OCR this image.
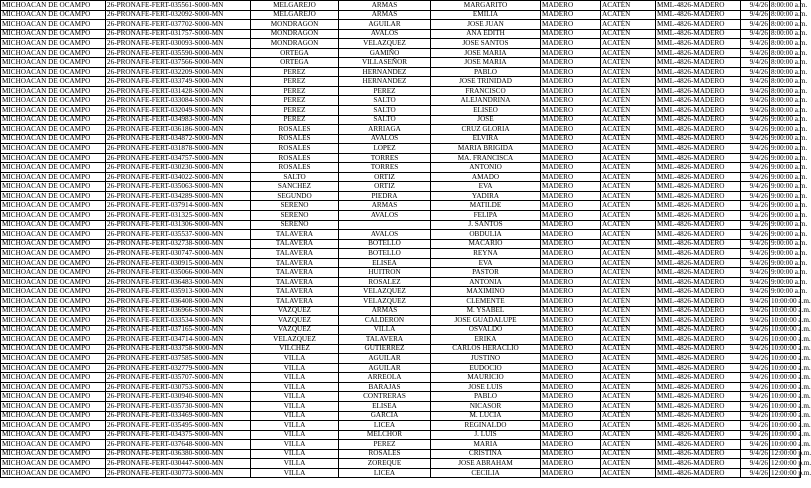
MICHOACAN DE OCAMPO	26-PRONAFE-FERT-035561-S000-MN	MELGAREJO	ARMAS	MARGARITO	MADERO	ACATÉN	MML-4826-MADERO	9/4/26	8:00:00 a.m.
MICHOACAN DE OCAMPO	26-PRONAFE-FERT-032092-S000-MN	MELGAREJO	ARMAS	EMILIA	MADERO	ACATÉN	MML-4826-MADERO	9/4/26	8:00:00 a.m.
MICHOACAN DE OCAMPO	26-PRONAFE-FERT-037702-S000-MN	MONDRAGON	AGUILAR	JOSE JUAN	MADERO	ACATÉN	MML-4826-MADERO	9/4/26	8:00:00 a.m.
MICHOACAN DE OCAMPO	26-PRONAFE-FERT-031757-S000-MN	MONDRAGON	AVALOS	ANA EDITH	MADERO	ACATÉN	MML-4826-MADERO	9/4/26	8:00:00 a.m.
MICHOACAN DE OCAMPO	26-PRONAFE-FERT-030093-S000-MN	MONDRAGON	VELAZQUEZ	JOSE SANTOS	MADERO	ACATÉN	MML-4826-MADERO	9/4/26	8:00:00 a.m.
MICHOACAN DE OCAMPO	26-PRONAFE-FERT-035590-S000-MN	ORTEGA	GAMIÑO	JOSE MARIA	MADERO	ACATÉN	MML-4826-MADERO	9/4/26	8:00:00 a.m.
MICHOACAN DE OCAMPO	26-PRONAFE-FERT-037566-S000-MN	ORTEGA	VILLASEÑOR	JOSE MARIA	MADERO	ACATÉN	MML-4826-MADERO	9/4/26	8:00:00 a.m.
MICHOACAN DE OCAMPO	26-PRONAFE-FERT-032209-S000-MN	PEREZ	HERNANDEZ	PABLO	MADERO	ACATÉN	MML-4826-MADERO	9/4/26	8:00:00 a.m.
MICHOACAN DE OCAMPO	26-PRONAFE-FERT-033749-S000-MN	PEREZ	HERNANDEZ	JOSE TRINIDAD	MADERO	ACATÉN	MML-4826-MADERO	9/4/26	8:00:00 a.m.
MICHOACAN DE OCAMPO	26-PRONAFE-FERT-031428-S000-MN	PEREZ	PEREZ	FRANCISCO	MADERO	ACATÉN	MML-4826-MADERO	9/4/26	8:00:00 a.m.
MICHOACAN DE OCAMPO	26-PRONAFE-FERT-033084-S000-MN	PEREZ	SALTO	ALEJANDRINA	MADERO	ACATÉN	MML-4826-MADERO	9/4/26	8:00:00 a.m.
MICHOACAN DE OCAMPO	26-PRONAFE-FERT-032049-S000-MN	PEREZ	SALTO	ELISEO	MADERO	ACATÉN	MML-4826-MADERO	9/4/26	8:00:00 a.m.
MICHOACAN DE OCAMPO	26-PRONAFE-FERT-034983-S000-MN	PEREZ	SALTO	JOSE	MADERO	ACATÉN	MML-4826-MADERO	9/4/26	9:00:00 a.m.
MICHOACAN DE OCAMPO	26-PRONAFE-FERT-036186-S000-MN	ROSALES	ARRIAGA	CRUZ GLORIA	MADERO	ACATÉN	MML-4826-MADERO	9/4/26	9:00:00 a.m.
MICHOACAN DE OCAMPO	26-PRONAFE-FERT-034872-S000-MN	ROSALES	AVALOS	ELVIRA	MADERO	ACATÉN	MML-4826-MADERO	9/4/26	9:00:00 a.m.
MICHOACAN DE OCAMPO	26-PRONAFE-FERT-031878-S000-MN	ROSALES	LOPEZ	MARIA BRIGIDA	MADERO	ACATÉN	MML-4826-MADERO	9/4/26	9:00:00 a.m.
MICHOACAN DE OCAMPO	26-PRONAFE-FERT-034757-S000-MN	ROSALES	TORRES	MA. FRANCISCA	MADERO	ACATÉN	MML-4826-MADERO	9/4/26	9:00:00 a.m.
MICHOACAN DE OCAMPO	26-PRONAFE-FERT-030230-S000-MN	ROSALES	TORRES	ANTONIO	MADERO	ACATÉN	MML-4826-MADERO	9/4/26	9:00:00 a.m.
MICHOACAN DE OCAMPO	26-PRONAFE-FERT-034022-S000-MN	SALTO	ORTIZ	AMADO	MADERO	ACATÉN	MML-4826-MADERO	9/4/26	9:00:00 a.m.
MICHOACAN DE OCAMPO	26-PRONAFE-FERT-035063-S000-MN	SANCHEZ	ORTIZ	EVA	MADERO	ACATÉN	MML-4826-MADERO	9/4/26	9:00:00 a.m.
MICHOACAN DE OCAMPO	26-PRONAFE-FERT-034289-S000-MN	SEGUNDO	PIEDRA	YADIRA	MADERO	ACATÉN	MML-4826-MADERO	9/4/26	9:00:00 a.m.
MICHOACAN DE OCAMPO	26-PRONAFE-FERT-037914-S000-MN	SERENO	ARMAS	MATILDE	MADERO	ACATÉN	MML-4826-MADERO	9/4/26	9:00:00 a.m.
MICHOACAN DE OCAMPO	26-PRONAFE-FERT-031325-S000-MN	SERENO	AVALOS	FELIPA	MADERO	ACATÉN	MML-4826-MADERO	9/4/26	9:00:00 a.m.
MICHOACAN DE OCAMPO	26-PRONAFE-FERT-031306-S000-MN	SERENO		J. SANTOS	MADERO	ACATÉN	MML-4826-MADERO	9/4/26	9:00:00 a.m.
MICHOACAN DE OCAMPO	26-PRONAFE-FERT-035537-S000-MN	TALAVERA	AVALOS	OBDULIA	MADERO	ACATÉN	MML-4826-MADERO	9/4/26	9:00:00 a.m.
MICHOACAN DE OCAMPO	26-PRONAFE-FERT-032738-S000-MN	TALAVERA	BOTELLO	MACARIO	MADERO	ACATÉN	MML-4826-MADERO	9/4/26	9:00:00 a.m.
MICHOACAN DE OCAMPO	26-PRONAFE-FERT-030747-S000-MN	TALAVERA	BOTELLO	REYNA	MADERO	ACATÉN	MML-4826-MADERO	9/4/26	9:00:00 a.m.
MICHOACAN DE OCAMPO	26-PRONAFE-FERT-030915-S000-MN	TALAVERA	ELISEA	EVA	MADERO	ACATÉN	MML-4826-MADERO	9/4/26	9:00:00 a.m.
MICHOACAN DE OCAMPO	26-PRONAFE-FERT-035066-S000-MN	TALAVERA	HUITRON	PASTOR	MADERO	ACATÉN	MML-4826-MADERO	9/4/26	9:00:00 a.m.
MICHOACAN DE OCAMPO	26-PRONAFE-FERT-036483-S000-MN	TALAVERA	ROSALEZ	ANTONIA	MADERO	ACATÉN	MML-4826-MADERO	9/4/26	9:00:00 a.m.
MICHOACAN DE OCAMPO	26-PRONAFE-FERT-035913-S000-MN	TALAVERA	VELAZQUEZ	MAXIMINO	MADERO	ACATÉN	MML-4826-MADERO	9/4/26	9:00:00 a.m.
MICHOACAN DE OCAMPO	26-PRONAFE-FERT-036408-S000-MN	TALAVERA	VELAZQUEZ	CLEMENTE	MADERO	ACATÉN	MML-4826-MADERO	9/4/26	10:00:00 a.m.
MICHOACAN DE OCAMPO	26-PRONAFE-FERT-036966-S000-MN	VAZQUEZ	ARMAS	M. YSABEL	MADERO	ACATÉN	MML-4826-MADERO	9/4/26	10:00:00 a.m.
MICHOACAN DE OCAMPO	26-PRONAFE-FERT-033534-S000-MN	VAZQUEZ	CALDERON	JOSE GUADALUPE	MADERO	ACATÉN	MML-4826-MADERO	9/4/26	10:00:00 a.m.
MICHOACAN DE OCAMPO	26-PRONAFE-FERT-037165-S000-MN	VAZQUEZ	VILLA	OSVALDO	MADERO	ACATÉN	MML-4826-MADERO	9/4/26	10:00:00 a.m.
MICHOACAN DE OCAMPO	26-PRONAFE-FERT-034714-S000-MN	VELAZQUEZ	TALAVERA	ERIKA	MADERO	ACATÉN	MML-4826-MADERO	9/4/26	10:00:00 a.m.
MICHOACAN DE OCAMPO	26-PRONAFE-FERT-033758-S000-MN	VILCHEZ	GUTIERREZ	CARLOS HERACLIO	MADERO	ACATÉN	MML-4826-MADERO	9/4/26	10:00:00 a.m.
MICHOACAN DE OCAMPO	26-PRONAFE-FERT-037585-S000-MN	VILLA	AGUILAR	JUSTINO	MADERO	ACATÉN	MML-4826-MADERO	9/4/26	10:00:00 a.m.
MICHOACAN DE OCAMPO	26-PRONAFE-FERT-032779-S000-MN	VILLA	AGUILAR	EUDOCIO	MADERO	ACATÉN	MML-4826-MADERO	9/4/26	10:00:00 a.m.
MICHOACAN DE OCAMPO	26-PRONAFE-FERT-035707-S000-MN	VILLA	ARREOLA	MAURICIO	MADERO	ACATÉN	MML-4826-MADERO	9/4/26	10:00:00 a.m.
MICHOACAN DE OCAMPO	26-PRONAFE-FERT-030753-S000-MN	VILLA	BARAJAS	JOSE LUIS	MADERO	ACATÉN	MML-4826-MADERO	9/4/26	10:00:00 a.m.
MICHOACAN DE OCAMPO	26-PRONAFE-FERT-030940-S000-MN	VILLA	CONTRERAS	PABLO	MADERO	ACATÉN	MML-4826-MADERO	9/4/26	10:00:00 a.m.
MICHOACAN DE OCAMPO	26-PRONAFE-FERT-035730-S000-MN	VILLA	ELISEA	NICASOR	MADERO	ACATÉN	MML-4826-MADERO	9/4/26	10:00:00 a.m.
MICHOACAN DE OCAMPO	26-PRONAFE-FERT-033469-S000-MN	VILLA	GARCIA	M. LUCIA	MADERO	ACATÉN	MML-4826-MADERO	9/4/26	10:00:00 a.m.
MICHOACAN DE OCAMPO	26-PRONAFE-FERT-035495-S000-MN	VILLA	LICEA	REGINALDO	MADERO	ACATÉN	MML-4826-MADERO	9/4/26	10:00:00 a.m.
MICHOACAN DE OCAMPO	26-PRONAFE-FERT-034375-S000-MN	VILLA	MELCHOR	J. LUIS	MADERO	ACATÉN	MML-4826-MADERO	9/4/26	10:00:00 a.m.
MICHOACAN DE OCAMPO	26-PRONAFE-FERT-037648-S000-MN	VILLA	PEREZ	MARIA	MADERO	ACATÉN	MML-4826-MADERO	9/4/26	10:00:00 a.m.
MICHOACAN DE OCAMPO	26-PRONAFE-FERT-036380-S000-MN	VILLA	ROSALES	CRISTINA	MADERO	ACATÉN	MML-4826-MADERO	9/4/26	12:00:00 p.m.
MICHOACAN DE OCAMPO	26-PRONAFE-FERT-030447-S000-MN	VILLA	ZOREQUE	JOSE ABRAHAM	MADERO	ACATÉN	MML-4826-MADERO	9/4/26	12:00:00 p.m.
MICHOACAN DE OCAMPO	26-PRONAFE-FERT-030773-S000-MN	VILLA	LICEA	CECILIA	MADERO	ACATÉN	MML-4826-MADERO	9/4/26	12:00:00 p.m.
